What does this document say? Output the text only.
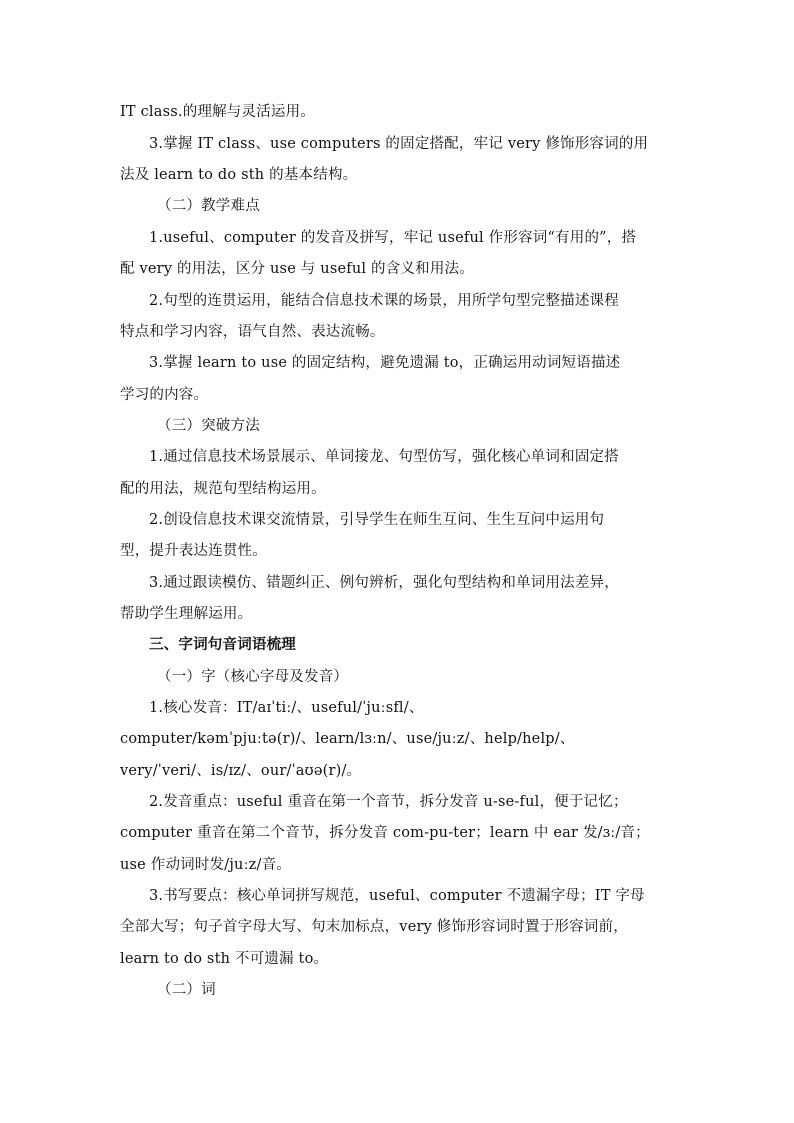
IT class.的理解与灵活运用。
3.掌握 IT class、use computers 的固定搭配，牢记 very 修饰形容词的用
法及 learn to do sth 的基本结构。
（二）教学难点
1.useful、computer 的发音及拼写，牢记 useful 作形容词“有用的”，搭
配 very 的用法，区分 use 与 useful 的含义和用法。
2.句型的连贯运用，能结合信息技术课的场景，用所学句型完整描述课程
特点和学习内容，语气自然、表达流畅。
3.掌握 learn to use 的固定结构，避免遗漏 to，正确运用动词短语描述
学习的内容。
（三）突破方法
1.通过信息技术场景展示、单词接龙、句型仿写，强化核心单词和固定搭
配的用法，规范句型结构运用。
2.创设信息技术课交流情景，引导学生在师生互问、生生互问中运用句
型，提升表达连贯性。
3.通过跟读模仿、错题纠正、例句辨析，强化句型结构和单词用法差异，
帮助学生理解运用。
三、字词句音词语梳理
（一）字（核心字母及发音）
1.核心发音：IT/aɪˈtiː/、useful/ˈjuːsfl/、
computer/kəmˈpjuːtə(r)/、learn/lɜːn/、use/juːz/、help/help/、
very/ˈveri/、is/ɪz/、our/ˈaʊə(r)/。
2.发音重点：useful 重音在第一个音节，拆分发音 u-se-ful，便于记忆；
computer 重音在第二个音节，拆分发音 com-pu-ter；learn 中 ear 发/ɜː/音；
use 作动词时发/juːz/音。
3.书写要点：核心单词拼写规范，useful、computer 不遗漏字母；IT 字母
全部大写；句子首字母大写、句末加标点，very 修饰形容词时置于形容词前，
learn to do sth 不可遗漏 to。
（二）词
